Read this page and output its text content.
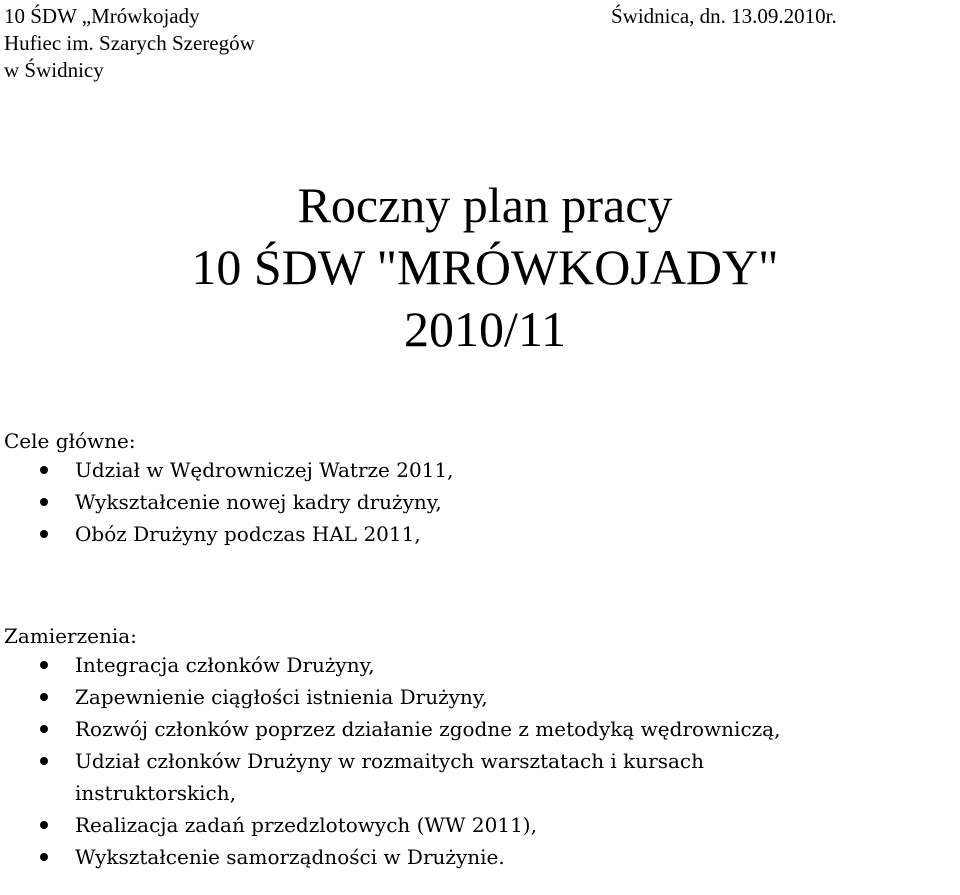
10 ŚDW „Mrówkojady
Hufiec im. Szarych Szeregów
w Świdnicy
Świdnica, dn. 13.09.2010r.
Roczny plan pracy
10 ŚDW "MRÓWKOJADY"
2010/11
Cele główne:
Udział w Wędrowniczej Watrze 2011,
Wykształcenie nowej kadry drużyny,
Obóz Drużyny podczas HAL 2011,
Zamierzenia:
Integracja członków Drużyny,
Zapewnienie ciągłości istnienia Drużyny,
Rozwój członków poprzez działanie zgodne z metodyką wędrowniczą,
Udział członków Drużyny w rozmaitych warsztatach i kursach instruktorskich,
Realizacja zadań przedzlotowych (WW 2011),
Wykształcenie samorządności w Drużynie.
